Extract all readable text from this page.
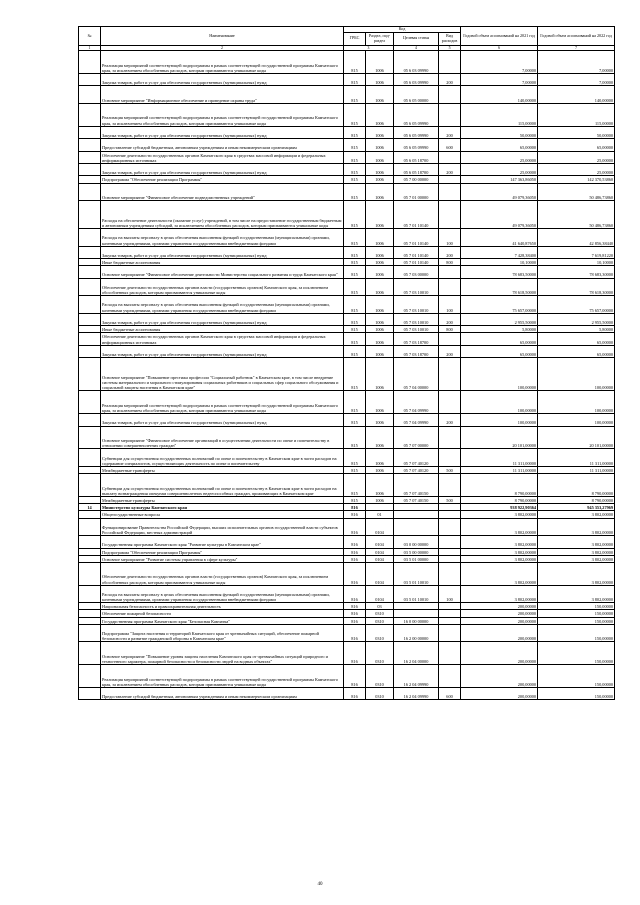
№	Наименование	Код				Годовой объем ассигнований на 2021 год	Годовой объем ассигнований на 2022 год
		ГРБС	Раздел, под-раздел	Целевая статья	Вид расходов		
1	2	3		4	5	6	7
	Реализация мероприятий соответствующей подпрограммы в рамках соответствующей государственной программы Камчатского края, за исключением обособленных расходов, которым присваиваются уникальные коды	815	1006	05 6 03 09990		7,00000	7,00000
	Закупка товаров, работ и услуг для обеспечения государственных (муниципальных) нужд	815	1006	05 6 03 09990	200	7,00000	7,00000
	Основное мероприятие "Информационное обеспечение и проведение охраны труда"	815	1006	05 6 05 00000		140,00000	140,00000
	Реализация мероприятий соответствующей подпрограммы в рамках соответствующей государственной программы Камчатского края, за исключением обособленных расходов, которым присваиваются уникальные коды	815	1006	05 6 05 09990		115,00000	115,00000
	Закупка товаров, работ и услуг для обеспечения государственных (муниципальных) нужд	815	1006	05 6 05 09990	200	50,00000	50,00000
	Предоставление субсидий бюджетным, автономным учреждениям и иным некоммерческим организациям	815	1006	05 6 05 09990	600	65,00000	65,00000
	Обеспечение деятельности государственных органов Камчатского края в средствах массовой информации и федеральных информационных источниках	815	1006	05 6 05 18700		25,00000	25,00000
	Закупка товаров, работ и услуг для обеспечения государственных (муниципальных) нужд	815	1006	05 6 05 18700	200	25,00000	25,00000
	Подпрограмма "Обеспечение реализации Программы"	815	1006	05 7 00 00000		147 363,86050	142 370,53860
	Основное мероприятие "Финансовое обеспечение подведомственных учреждений"	815	1006	05 7 01 00000		49 079,36050	50 486,73860
	Расходы на обеспечение деятельности (оказание услуг) учреждений, в том числе на предоставление государственным бюджетным и автономным учреждениям субсидий, за исключением обособленных расходов, которым присваиваются уникальные коды	815	1006	05 7 01 10140		49 079,36050	50 486,73860
	Расходы на выплаты персоналу в целях обеспечения выполнения функций государственными (муниципальными) органами, казенными учреждениями, органами управления государственными внебюджетными фондами	815	1006	05 7 01 10140	100	41 640,87650	42 856,38440
	Закупка товаров, работ и услуг для обеспечения государственных (муниципальных) нужд	815	1006	05 7 01 10140	200	7 428,38400	7 619,81220
	Иные бюджетные ассигнования	815	1006	05 7 01 10140	800	10,10000	10,10000
	Основное мероприятие "Финансовое обеспечение деятельности Министерства социального развития и труда Камчатского края"	815	1006	05 7 03 00000		78 683,50000	78 683,30000
	Обеспечение деятельности государственных органов власти (государственных органов) Камчатского края, за исключением обособленных расходов, которым присваиваются уникальные коды	815	1006	05 7 03 10010		78 618,50000	78 618,30000
	Расходы на выплаты персоналу в целях обеспечения выполнения функций государственными (муниципальными) органами, казенными учреждениями, органами управления государственными внебюджетными фондами	815	1006	05 7 03 10010	100	75 657,00000	75 657,00000
	Закупка товаров, работ и услуг для обеспечения государственных (муниципальных) нужд	815	1006	05 7 03 10010	200	2 955,50000	2 955,50000
	Иные бюджетные ассигнования	815	1006	05 7 03 10010	800	5,80000	5,80000
	Обеспечение деятельности государственных органов Камчатского края в средствах массовой информации и федеральных информационных источниках	815	1006	05 7 03 18700		65,00000	65,00000
	Закупка товаров, работ и услуг для обеспечения государственных (муниципальных) нужд	815	1006	05 7 03 18700	200	65,00000	65,00000
	Основное мероприятие "Повышение престижа профессии "Социальный работник" в Камчатском крае, в том числе внедрение системы материального и морального стимулирования социальных работников и социальных сфер социального обслуживания и социальной защиты населения в Камчатском крае"	815	1006	05 7 04 00000		100,00000	100,00000
	Реализация мероприятий соответствующей подпрограммы в рамках соответствующей государственной программы Камчатского края, за исключением обособленных расходов, которым присваиваются уникальные коды	815	1006	05 7 04 09990		100,00000	100,00000
	Закупка товаров, работ и услуг для обеспечения государственных (муниципальных) нужд	815	1006	05 7 04 09990	200	100,00000	100,00000
	Основное мероприятие "Финансовое обеспечение организаций в осуществлении деятельности по опеке и попечительству в отношении совершеннолетних граждан"	815	1006	05 7 07 00000		20 101,00000	20 101,00000
	Субвенции для осуществления государственных полномочий по опеке и попечительству в Камчатском крае в части расходов на содержание специалистов, осуществляющих деятельность по опеке и попечительству	815	1006	05 7 07 40120		11 311,00000	11 311,00000
	Межбюджетные трансферты	815	1006	05 7 07 40120	500	11 311,00000	11 311,00000
	Субвенции для осуществления государственных полномочий по опеке и попечительству в Камчатском крае в части расходов на выплату вознаграждения опекунам совершеннолетних недееспособных граждан, проживающих в Камчатском крае	815	1006	05 7 07 40150		8 790,00000	8 790,00000
	Межбюджетные трансферты	815	1006	05 7 07 40150	500	8 790,00000	8 790,00000
14	Министерство культуры Камчатского края	816				938 922,90364	945 353,27969
	Общегосударственные вопросы	816	01			3 802,00000	3 802,00000
	Функционирование Правительства Российской Федерации, высших исполнительных органов государственной власти субъектов Российской Федерации, местных администраций	816	0104			3 802,00000	3 802,00000
	Государственная программа Камчатского края "Развитие культуры в Камчатском крае"	816	0104	03 0 00 00000		3 802,00000	3 802,00000
	Подпрограмма "Обеспечение реализации Программы"	816	0104	03 5 00 00000		3 802,00000	3 802,00000
	Основное мероприятие "Развитие системы управления в сфере культуры"	816	0104	03 5 01 00000		3 802,00000	3 802,00000
	Обеспечение деятельности государственных органов власти (государственных органов) Камчатского края, за исключением обособленных расходов, которым присваиваются уникальные коды	816	0104	03 5 01 10010		3 802,00000	3 802,00000
	Расходы на выплаты персоналу в целях обеспечения выполнения функций государственными (муниципальными) органами, казенными учреждениями, органами управления государственными внебюджетными фондами	816	0104	03 5 01 10010	100	3 802,00000	3 802,00000
	Национальная безопасность и правоохранительная деятельность	816	03			200,00000	150,00000
	Обеспечение пожарной безопасности	816	0310			200,00000	150,00000
	Государственная программа Камчатского края "Безопасная Камчатка"	816	0310	16 0 00 00000		200,00000	150,00000
	Подпрограмма "Защита населения и территорий Камчатского края от чрезвычайных ситуаций, обеспечение пожарной безопасности и развитие гражданской обороны в Камчатском крае"	816	0310	16 2 00 00000		200,00000	150,00000
	Основное мероприятие "Повышение уровня защиты населения Камчатского края от чрезвычайных ситуаций природного и техногенного характера, пожарной безопасности и безопасности людей на водных объектах"	816	0310	16 2 04 00000		200,00000	150,00000
	Реализация мероприятий соответствующей подпрограммы в рамках соответствующей государственной программы Камчатского края, за исключением обособленных расходов, которым присваиваются уникальные коды	816	0310	16 2 04 09990		200,00000	150,00000
	Предоставление субсидий бюджетным, автономным учреждениям и иным некоммерческим организациям	816	0310	16 2 04 09990	600	200,00000	150,00000
40
